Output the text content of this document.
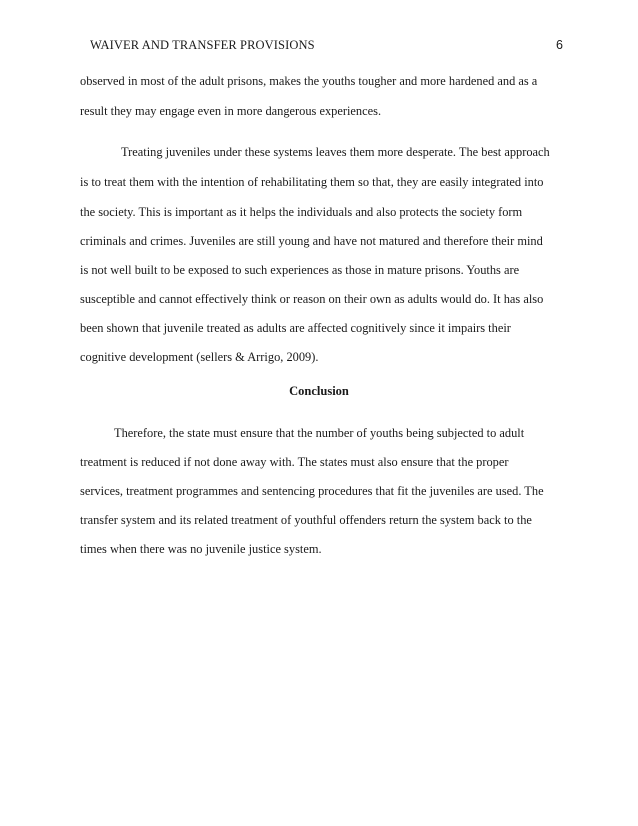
WAIVER AND TRANSFER PROVISIONS	6
observed in most of the adult prisons, makes the youths tougher and more hardened and as a
result they may engage even in more dangerous experiences.
Treating juveniles under these systems leaves them more desperate. The best approach
is to treat them with the intention of rehabilitating them so that, they are easily integrated into
the society. This is important as it helps the individuals and also protects the society form
criminals and crimes. Juveniles are still young and have not matured and therefore their mind
is not well built to be exposed to such experiences as those in mature prisons. Youths are
susceptible and cannot effectively think or reason on their own as adults would do. It has also
been shown that juvenile treated as adults are affected cognitively since it impairs their
cognitive development (sellers & Arrigo, 2009).
Conclusion
Therefore, the state must ensure that the number of youths being subjected to adult
treatment is reduced if not done away with. The states must also ensure that the proper
services, treatment programmes and sentencing procedures that fit the juveniles are used. The
transfer system and its related treatment of youthful offenders return the system back to the
times when there was no juvenile justice system.
